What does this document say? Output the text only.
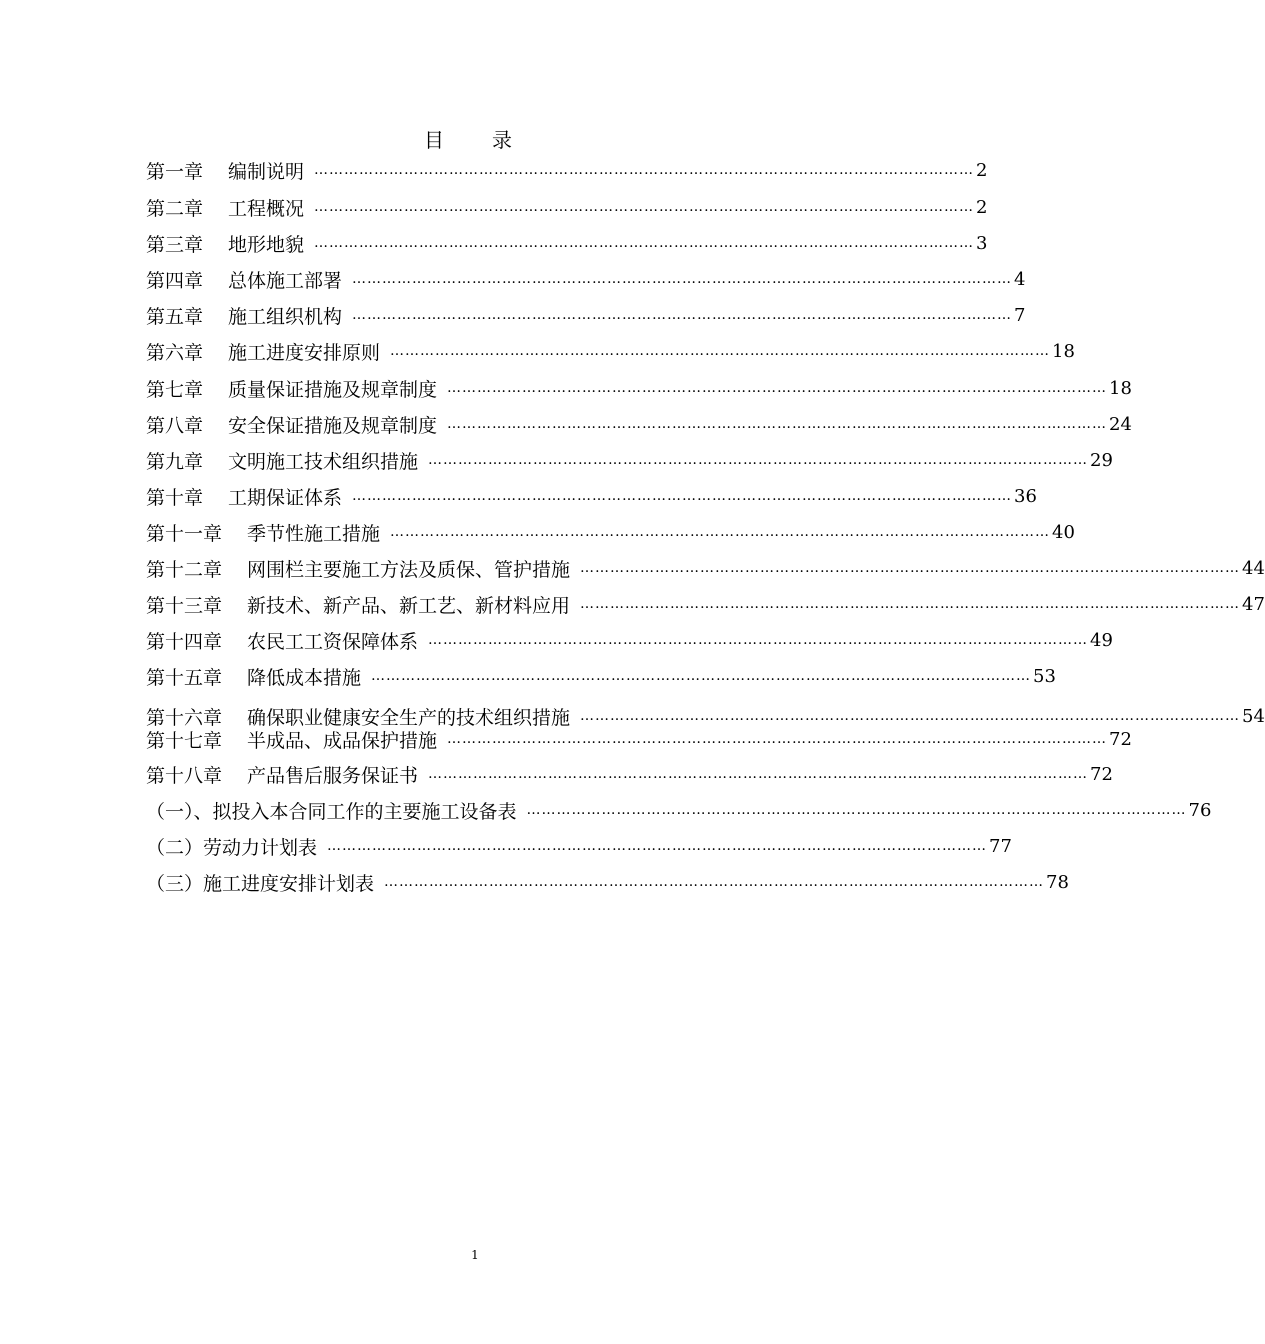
目　录
第一章　 编制说明 …………………………………………………………………………………………………………………… 2
第二章　 工程概况 …………………………………………………………………………………………………………………… 2
第三章　 地形地貌 …………………………………………………………………………………………………………………… 3
第四章　 总体施工部署 …………………………………………………………………………………………………………………… 4
第五章　 施工组织机构 …………………………………………………………………………………………………………………… 7
第六章　 施工进度安排原则 …………………………………………………………………………………………………………………… 18
第七章　 质量保证措施及规章制度 …………………………………………………………………………………………………………………… 18
第八章　 安全保证措施及规章制度 …………………………………………………………………………………………………………………… 24
第九章　 文明施工技术组织措施 …………………………………………………………………………………………………………………… 29
第十章　 工期保证体系 …………………………………………………………………………………………………………………… 36
第十一章　 季节性施工措施 …………………………………………………………………………………………………………………… 40
第十二章　 网围栏主要施工方法及质保、管护措施 …………………………………………………………………………………………………………………… 44
第十三章　 新技术、新产品、新工艺、新材料应用 …………………………………………………………………………………………………………………… 47
第十四章　 农民工工资保障体系 …………………………………………………………………………………………………………………… 49
第十五章　 降低成本措施 …………………………………………………………………………………………………………………… 53
第十六章　 确保职业健康安全生产的技术组织措施 …………………………………………………………………………………………………………………… 54
第十七章　 半成品、成品保护措施 …………………………………………………………………………………………………………………… 72
第十八章　 产品售后服务保证书 …………………………………………………………………………………………………………………… 72
（一）、拟投入本合同工作的主要施工设备表 …………………………………………………………………………………………………………………… 76
（二）劳动力计划表 …………………………………………………………………………………………………………………… 77
（三）施工进度安排计划表 …………………………………………………………………………………………………………………… 78
1
